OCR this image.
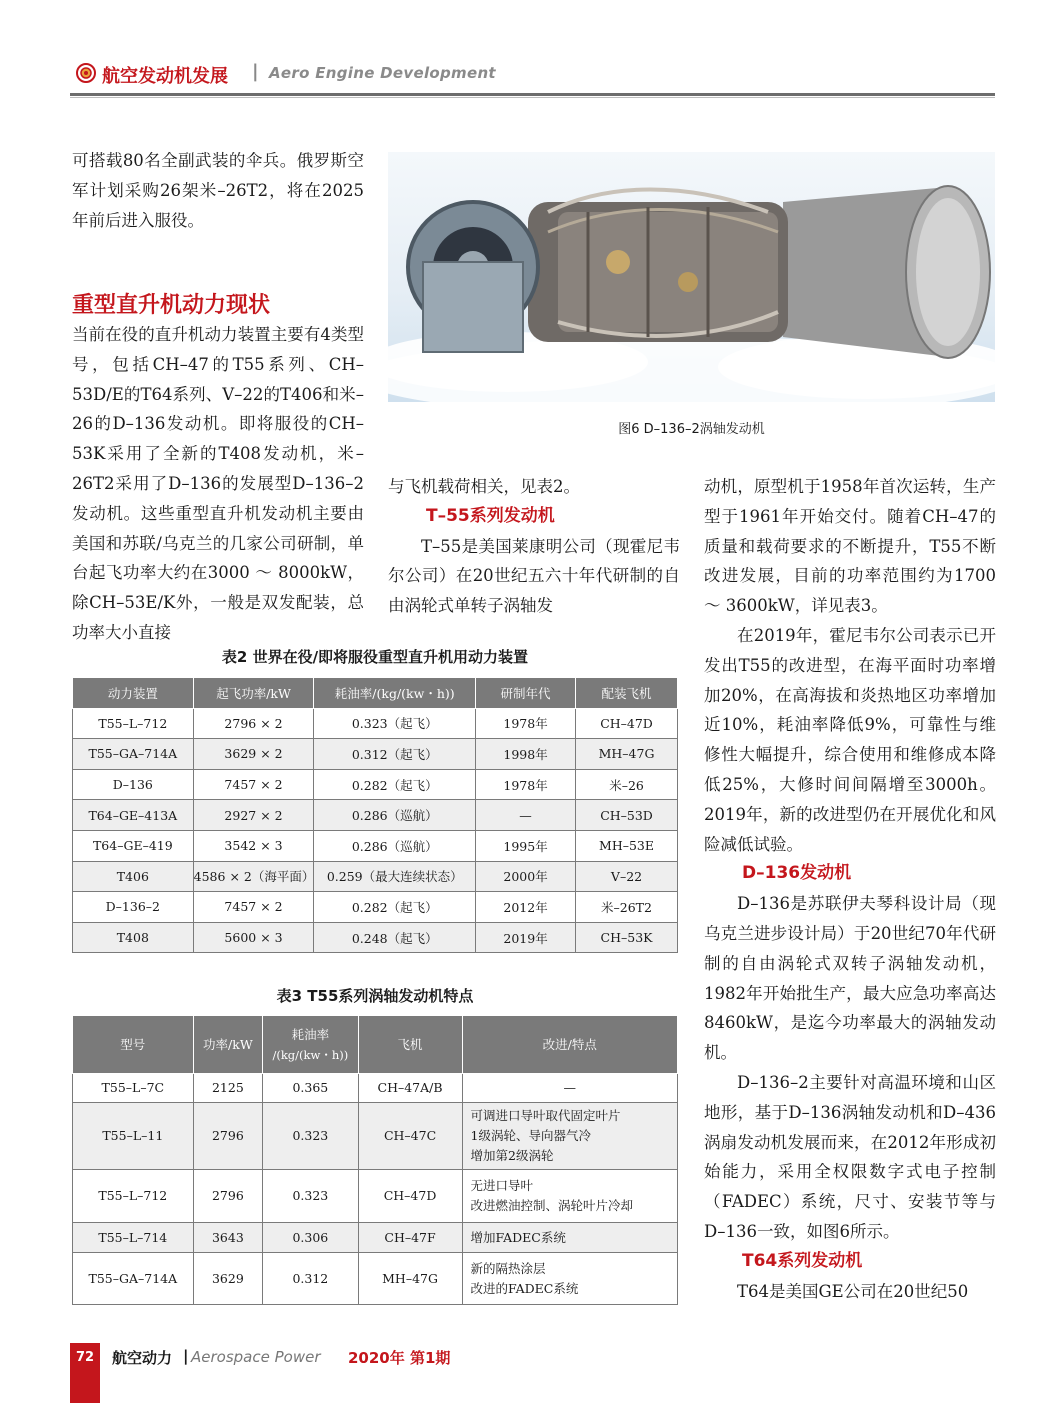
航空发动机发展 | Aero Engine Development

可搭载80名全副武装的伞兵。俄罗斯空军计划采购26架米–26T2，将在2025年前后进入服役。

重型直升机动力现状

当前在役的直升机动力装置主要有4类型号，包括CH–47的T55系列、CH–53D/E的T64系列、V–22的T406和米–26的D–136发动机。即将服役的CH–53K采用了全新的T408发动机，米–26T2采用了D–136的发展型D–136–2发动机。这些重型直升机发动机主要由美国和苏联/乌克兰的几家公司研制，单台起飞功率大约在3000 ～ 8000kW，除CH–53E/K外，一般是双发配装，总功率大小直接

图6 D–136–2涡轴发动机

与飞机载荷相关，见表2。

T–55系列发动机

T–55是美国莱康明公司（现霍尼韦尔公司）在20世纪五六十年代研制的自由涡轮式单转子涡轴发

动机，原型机于1958年首次运转，生产型于1961年开始交付。随着CH–47的质量和载荷要求的不断提升，T55不断改进发展，目前的功率范围约为1700 ～ 3600kW，详见表3。

在2019年，霍尼韦尔公司表示已开发出T55的改进型，在海平面时功率增加20%，在高海拔和炎热地区功率增加近10%，耗油率降低9%，可靠性与维修性大幅提升，综合使用和维修成本降低25%，大修时间间隔增至3000h。2019年，新的改进型仍在开展优化和风险减低试验。

D–136发动机

D–136是苏联伊夫琴科设计局（现乌克兰进步设计局）于20世纪70年代研制的自由涡轮式双转子涡轴发动机，1982年开始批生产，最大应急功率高达8460kW，是迄今功率最大的涡轴发动机。

D–136–2主要针对高温环境和山区地形，基于D–136涡轴发动机和D–436涡扇发动机发展而来，在2012年形成初始能力，采用全权限数字式电子控制（FADEC）系统，尺寸、安装节等与D–136一致，如图6所示。

T64系列发动机

T64是美国GE公司在20世纪50

表2 世界在役/即将服役重型直升机用动力装置
动力装置	起飞功率/kW	耗油率/(kg/(kw・h))	研制年代	配装飞机
T55–L–712	2796 × 2	0.323（起飞）	1978年	CH–47D
T55–GA–714A	3629 × 2	0.312（起飞）	1998年	MH–47G
D–136	7457 × 2	0.282（起飞）	1978年	米–26
T64–GE–413A	2927 × 2	0.286（巡航）	—	CH–53D
T64–GE–419	3542 × 3	0.286（巡航）	1995年	MH–53E
T406	4586 × 2（海平面）	0.259（最大连续状态）	2000年	V–22
D–136–2	7457 × 2	0.282（起飞）	2012年	米–26T2
T408	5600 × 3	0.248（起飞）	2019年	CH–53K
表3 T55系列涡轴发动机特点
型号	功率/kW	耗油率
/(kg/(kw・h))	飞机	改进/特点
T55–L–7C	2125	0.365	CH–47A/B	—

T55–L–11	2796	0.323	CH–47C	可调进口导叶取代固定叶片
1级涡轮、导向器气冷
增加第2级涡轮

T55–L–712	2796	0.323	CH–47D	无进口导叶
改进燃油控制、涡轮叶片冷却

T55–L–714	3643	0.306	CH–47F	增加FADEC系统

T55–GA–714A	3629	0.312	MH–47G	新的隔热涂层
改进的FADEC系统
72	航空动力 | Aerospace Power 2020年 第1期
